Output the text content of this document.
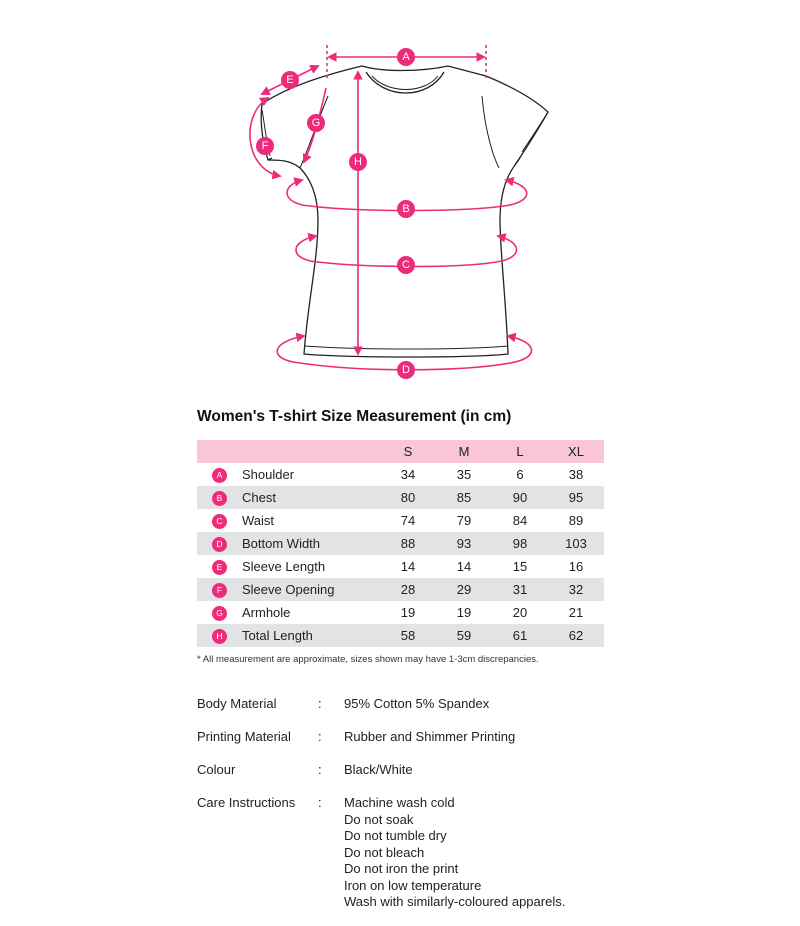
A
E
G
F
H
B
C
D
Women's T-shirt Size Measurement (in cm)
		S	M	L	XL
A	Shoulder	34	35	6	38
B	Chest	80	85	90	95
C	Waist	74	79	84	89
D	Bottom Width	88	93	98	103
E	Sleeve Length	14	14	15	16
F	Sleeve Opening	28	29	31	32
G	Armhole	19	19	20	21
H	Total Length	58	59	61	62

* All measurement are approximate, sizes shown may have 1-3cm discrepancies.

Body Material	: 95% Cotton 5% Spandex
Printing Material	: Rubber and Shimmer Printing
Colour	: Black/White
Care Instructions	: Machine wash cold
Do not soak
Do not tumble dry
Do not bleach
Do not iron the print
Iron on low temperature
Wash with similarly-coloured apparels.
